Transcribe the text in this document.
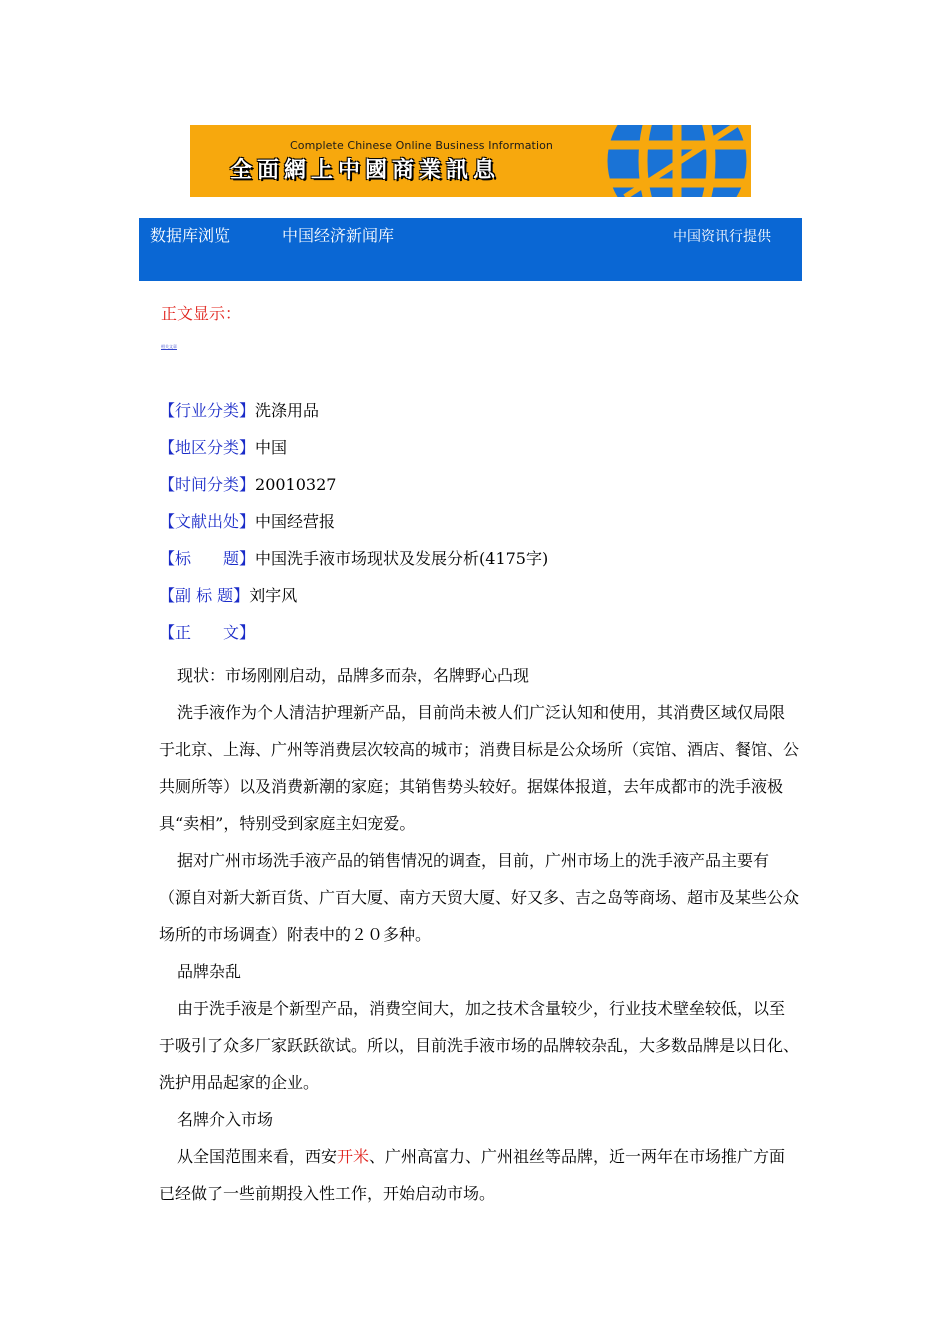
Complete Chinese Online Business Information
全面網上中國商業訊息
数据库浏览	中国经济新闻库	中国资讯行提供
正文显示：
相关文章
【行业分类】洗涤用品
【地区分类】中国
【时间分类】20010327
【文献出处】中国经营报
【标　　题】中国洗手液市场现状及发展分析(4175字)
【副 标 题】刘宇风
【正　　文】

现状：市场刚刚启动，品牌多而杂，名牌野心凸现

洗手液作为个人清洁护理新产品，目前尚未被人们广泛认知和使用，其消费区域仅局限于北京、上海、广州等消费层次较高的城市；消费目标是公众场所（宾馆、酒店、餐馆、公共厕所等）以及消费新潮的家庭；其销售势头较好。据媒体报道，去年成都市的洗手液极具“卖相”，特别受到家庭主妇宠爱。

据对广州市场洗手液产品的销售情况的调查，目前，广州市场上的洗手液产品主要有（源自对新大新百货、广百大厦、南方天贸大厦、好又多、吉之岛等商场、超市及某些公众场所的市场调查）附表中的２０多种。

品牌杂乱

由于洗手液是个新型产品，消费空间大，加之技术含量较少，行业技术壁垒较低，以至于吸引了众多厂家跃跃欲试。所以，目前洗手液市场的品牌较杂乱，大多数品牌是以日化、洗护用品起家的企业。

名牌介入市场

从全国范围来看，西安开米、广州高富力、广州祖丝等品牌，近一两年在市场推广方面已经做了一些前期投入性工作，开始启动市场。
